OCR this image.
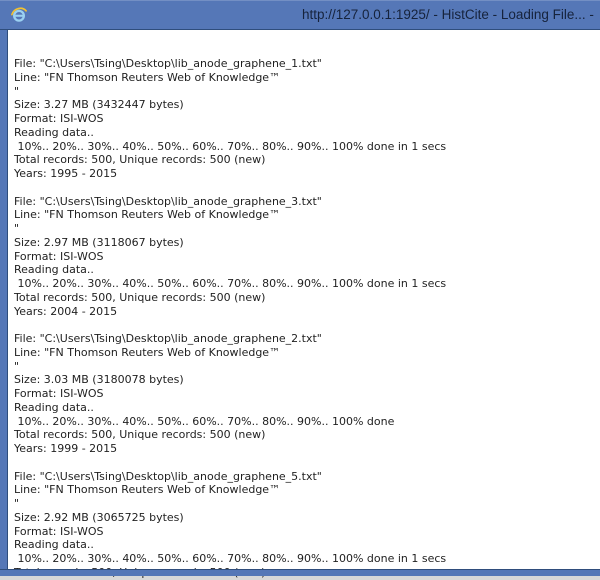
http://127.0.0.1:1925/ - HistCite - Loading File... -
File: "C:\Users\Tsing\Desktop\lib_anode_graphene_1.txt"
Line: "FN Thomson Reuters Web of Knowledge™
"
Size: 3.27 MB (3432447 bytes)
Format: ISI-WOS
Reading data..
10%.. 20%.. 30%.. 40%.. 50%.. 60%.. 70%.. 80%.. 90%.. 100% done in 1 secs
Total records: 500, Unique records: 500 (new)
Years: 1995 - 2015
File: "C:\Users\Tsing\Desktop\lib_anode_graphene_3.txt"
Line: "FN Thomson Reuters Web of Knowledge™
"
Size: 2.97 MB (3118067 bytes)
Format: ISI-WOS
Reading data..
10%.. 20%.. 30%.. 40%.. 50%.. 60%.. 70%.. 80%.. 90%.. 100% done in 1 secs
Total records: 500, Unique records: 500 (new)
Years: 2004 - 2015
File: "C:\Users\Tsing\Desktop\lib_anode_graphene_2.txt"
Line: "FN Thomson Reuters Web of Knowledge™
"
Size: 3.03 MB (3180078 bytes)
Format: ISI-WOS
Reading data..
10%.. 20%.. 30%.. 40%.. 50%.. 60%.. 70%.. 80%.. 90%.. 100% done
Total records: 500, Unique records: 500 (new)
Years: 1999 - 2015
File: "C:\Users\Tsing\Desktop\lib_anode_graphene_5.txt"
Line: "FN Thomson Reuters Web of Knowledge™
"
Size: 2.92 MB (3065725 bytes)
Format: ISI-WOS
Reading data..
10%.. 20%.. 30%.. 40%.. 50%.. 60%.. 70%.. 80%.. 90%.. 100% done in 1 secs
